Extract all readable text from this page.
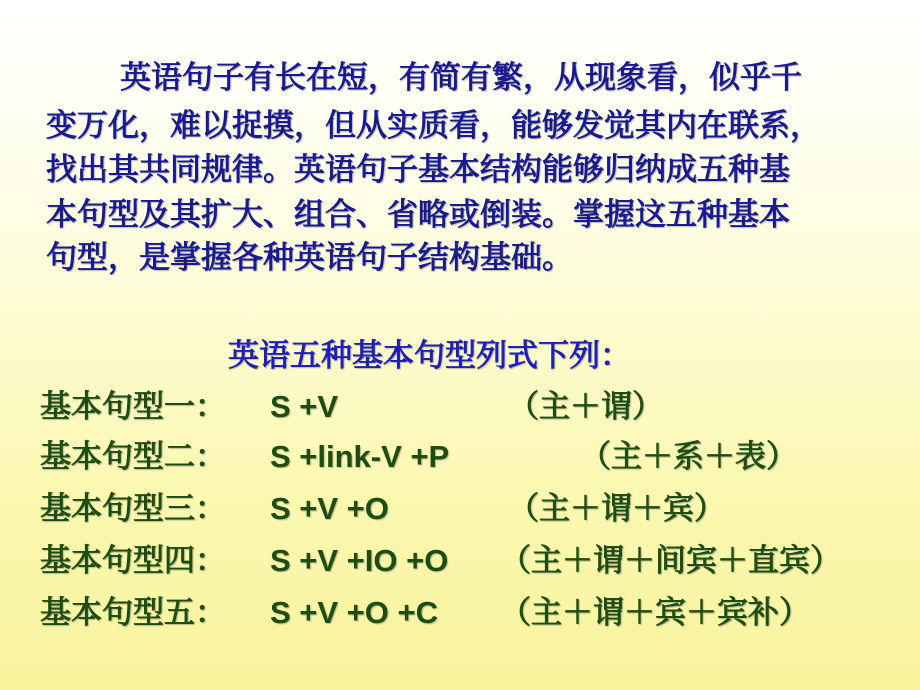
　　英语句子有长在短，有简有繁，从现象看，似乎千
变万化，难以捉摸，但从实质看，能够发觉其内在联系，
找出其共同规律。英语句子基本结构能够归纳成五种基
本句型及其扩大、组合、省略或倒装。掌握这五种基本
句型，是掌握各种英语句子结构基础。
英语五种基本句型列式下列：
基本句型一： S +V	（主＋谓）
基本句型二： S +link-V +P	（主＋系＋表）
基本句型三： S +V +O	（主＋谓＋宾）
基本句型四： S +V +IO +O （主＋谓＋间宾＋直宾）
基本句型五： S +V +O +C （主＋谓＋宾＋宾补）
